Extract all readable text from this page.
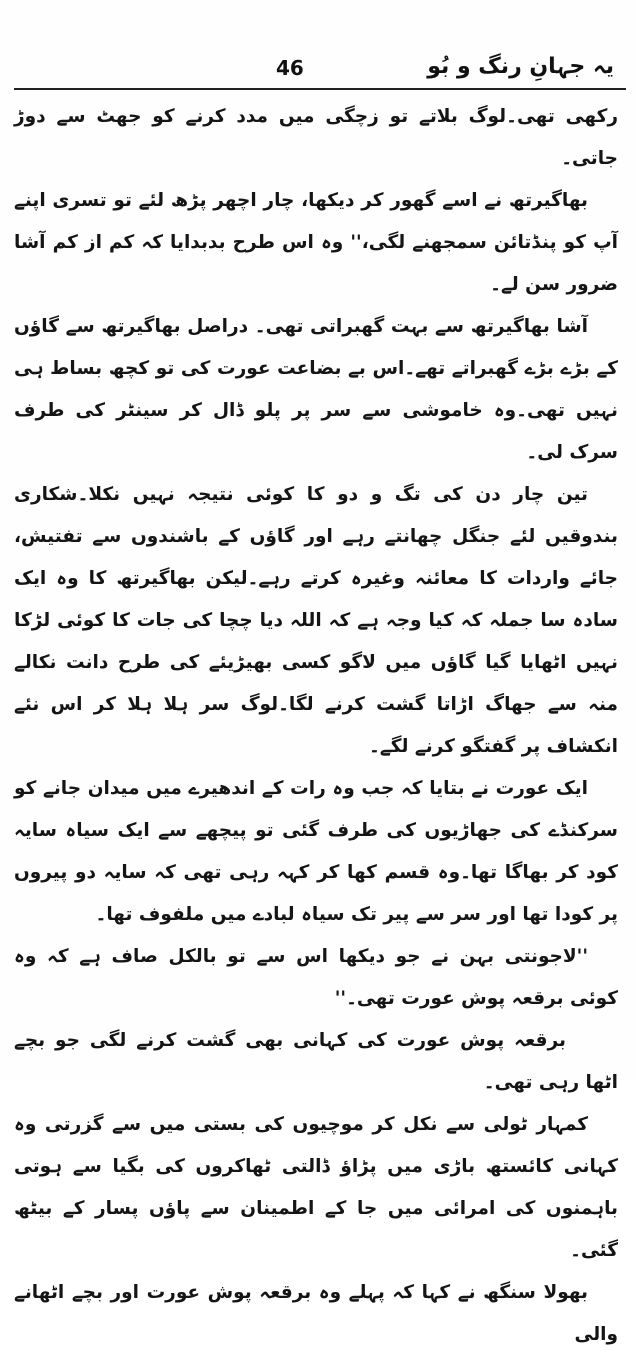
46	یہ جہانِ رنگ و بُو

رکھی تھی۔لوگ بلاتے تو زچگی میں مدد کرنے کو جھٹ سے دوڑ جاتی۔

بھاگیرتھ نے اسے گھور کر دیکھا، چار اچھر پڑھ لئے تو تسری اپنے آپ کو پنڈتائن سمجھنے لگی،'' وہ اس طرح بدبدایا کہ کم از کم آشا ضرور سن لے۔

آشا بھاگیرتھ سے بہت گھبراتی تھی۔ دراصل بھاگیرتھ سے گاؤں کے بڑے بڑے گھبراتے تھے۔اس بے بضاعت عورت کی تو کچھ بساط ہی نہیں تھی۔وہ خاموشی سے سر پر پلو ڈال کر سینٹر کی طرف سرک لی۔

تین چار دن کی تگ و دو کا کوئی نتیجہ نہیں نکلا۔شکاری بندوقیں لئے جنگل چھانتے رہے اور گاؤں کے باشندوں سے تفتیش، جائے واردات کا معائنہ وغیرہ کرتے رہے۔لیکن بھاگیرتھ کا وہ ایک سادہ سا جملہ کہ کیا وجہ ہے کہ اللہ دیا چچا کی جات کا کوئی لڑکا نہیں اٹھایا گیا گاؤں میں لاگو کسی بھیڑیئے کی طرح دانت نکالے منہ سے جھاگ اڑاتا گشت کرنے لگا۔لوگ سر ہلا ہلا کر اس نئے انکشاف پر گفتگو کرنے لگے۔

ایک عورت نے بتایا کہ جب وہ رات کے اندھیرے میں میدان جانے کو سرکنڈے کی جھاڑیوں کی طرف گئی تو پیچھے سے ایک سیاہ سایہ کود کر بھاگا تھا۔وہ قسم کھا کر کہہ رہی تھی کہ سایہ دو پیروں پر کودا تھا اور سر سے پیر تک سیاہ لبادے میں ملفوف تھا۔

''لاجونتی بہن نے جو دیکھا اس سے تو بالکل صاف ہے کہ وہ کوئی برقعہ پوش عورت تھی۔''

برقعہ پوش عورت کی کہانی بھی گشت کرنے لگی جو بچے اٹھا رہی تھی۔

کمہار ٹولی سے نکل کر موچیوں کی بستی میں سے گزرتی وہ کہانی کائستھ باڑی میں پڑاؤ ڈالتی ٹھاکروں کی بگیا سے ہوتی باہمنوں کی امرائی میں جا کے اطمینان سے پاؤں پسار کے بیٹھ گئی۔

بھولا سنگھ نے کہا کہ پہلے وہ برقعہ پوش عورت اور بچے اٹھانے والی
